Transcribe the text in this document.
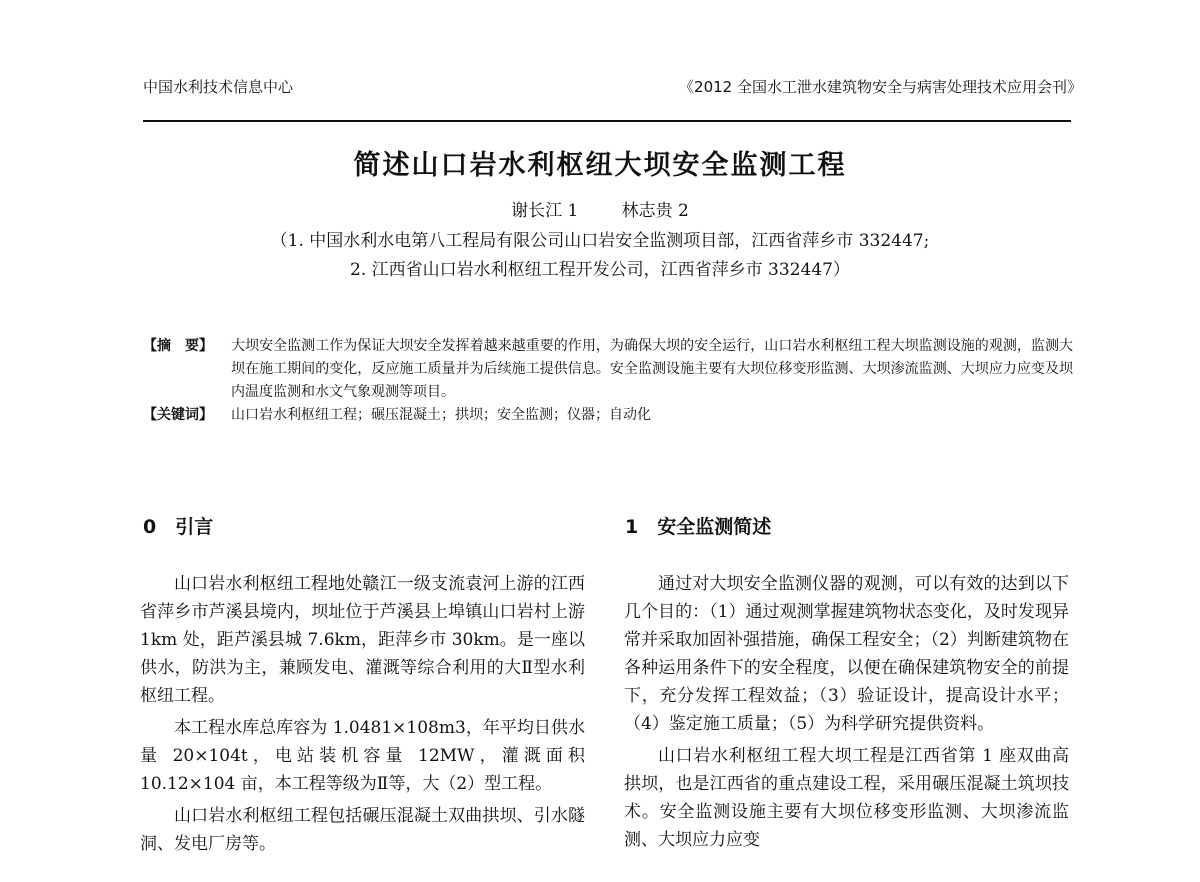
中国水利技术信息中心	《2012 全国水工泄水建筑物安全与病害处理技术应用会刊》
简述山口岩水利枢纽大坝安全监测工程
谢长江 1        林志贵 2
（1. 中国水利水电第八工程局有限公司山口岩安全监测项目部，江西省萍乡市 332447;
2. 江西省山口岩水利枢纽工程开发公司，江西省萍乡市 332447）
【摘　要】	大坝安全监测工作为保证大坝安全发挥着越来越重要的作用，为确保大坝的安全运行，山口岩水利枢纽工程大坝监测设施的观测，监测大坝在施工期间的变化，反应施工质量并为后续施工提供信息。安全监测设施主要有大坝位移变形监测、大坝渗流监测、大坝应力应变及坝内温度监测和水文气象观测等项目。
【关键词】	山口岩水利枢纽工程；碾压混凝土；拱坝；安全监测；仪器；自动化
0　引言	1　安全监测简述

山口岩水利枢纽工程地处赣江一级支流袁河上游的江西省萍乡市芦溪县境内，坝址位于芦溪县上埠镇山口岩村上游 1km 处，距芦溪县城 7.6km，距萍乡市 30km。是一座以供水，防洪为主，兼顾发电、灌溉等综合利用的大Ⅱ型水利枢纽工程。

本工程水库总库容为 1.0481×108m3，年平均日供水量 20×104t，电站装机容量 12MW，灌溉面积 10.12×104 亩，本工程等级为Ⅱ等，大（2）型工程。

山口岩水利枢纽工程包括碾压混凝土双曲拱坝、引水隧洞、发电厂房等。

通过对大坝安全监测仪器的观测，可以有效的达到以下几个目的：（1）通过观测掌握建筑物状态变化，及时发现异常并采取加固补强措施，确保工程安全；（2）判断建筑物在各种运用条件下的安全程度，以便在确保建筑物安全的前提下，充分发挥工程效益；（3）验证设计，提高设计水平；（4）鉴定施工质量；（5）为科学研究提供资料。

山口岩水利枢纽工程大坝工程是江西省第 1 座双曲高拱坝，也是江西省的重点建设工程，采用碾压混凝土筑坝技术。安全监测设施主要有大坝位移变形监测、大坝渗流监测、大坝应力应变
